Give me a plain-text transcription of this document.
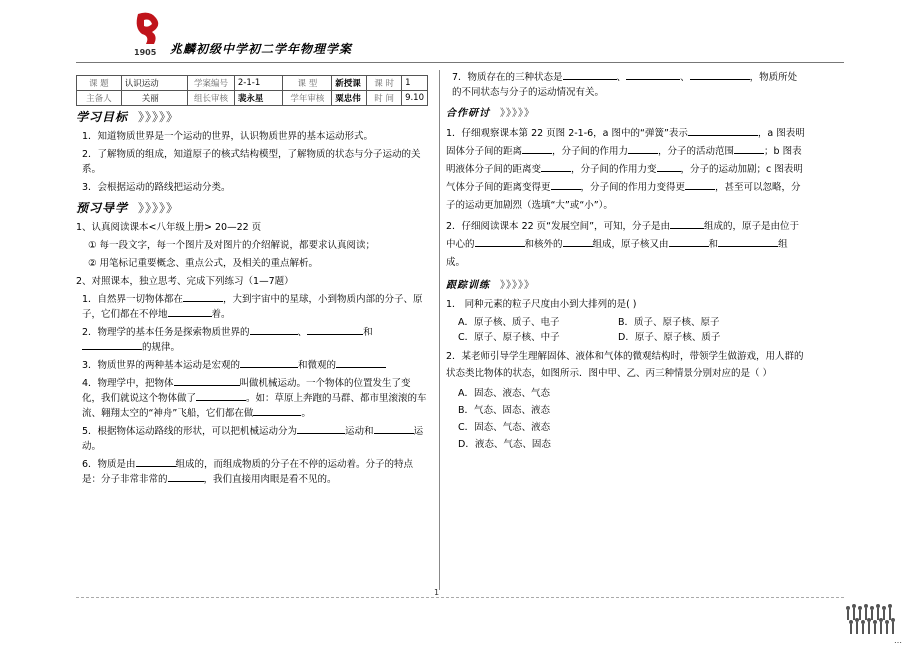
1905 兆麟初级中学初二学年物理学案
课 题	认识运动	学案编号	2-1-1	课 型	新授课	课 时	1
主备人	关丽	组长审核	裴永星	学年审核	粟忠伟	时 间	9.10
学习目标 》》》》》

1．知道物质世界是一个运动的世界，认识物质世界的基本运动形式。

2．了解物质的组成，知道原子的核式结构模型，了解物质的状态与分子运动的关系。

3．会根据运动的路线把运动分类。

预习导学 》》》》》

1、认真阅读课本<八年级上册> 20—22 页

① 每一段文字，每一个图片及对图片的介绍解说，都要求认真阅读；

② 用笔标记重要概念、重点公式，及相关的重点解析。

2、对照课本，独立思考、完成下列练习（1—7题）

1．自然界一切物体都在	，大到宇宙中的星球，小到物质内部的分子、原子，它们都在不停地	着。

2．物理学的基本任务是探索物质世界的	、	和的规律。

3．物质世界的两种基本运动是宏观的	和微观的

4．物理学中，把物体	叫做机械运动。一个物体的位置发生了变化，我们就说这个物体做了	。如：草原上奔跑的马群、都市里滚滚的车流、翱翔太空的“神舟”飞船，它们都在做	。

5．根据物体运动路线的形状，可以把机械运动分为	运动和	运动。

6．物质是由	组成的，而组成物质的分子在不停的运动着。分子的特点是：分子非常非常的	，我们直接用肉眼是看不见的。

7．物质存在的三种状态是	、	、	，物质所处的不同状态与分子的运动情况有关。

合作研讨 》》》》》

1．仔细观察课本第 22 页图 2-1-6，a 图中的“弹簧”表示	，a 图表明固体分子间的距离	，分子间的作用力	，分子的活动范围	；b 图表明液体分子间的距离变	，分子间的作用力变	，分子的运动加剧；c 图表明气体分子间的距离变得更	，分子间的作用力变得更	，甚至可以忽略，分子的运动更加剧烈（选填“大”或“小”）。

2．仔细阅读课本 22 页“发展空间”，可知，分子是由	组成的，原子是由位于中心的	和核外的	组成，原子核又由	和	组成。

跟踪训练 》》》》》

1． 同种元素的粒子尺度由小到大排列的是( )

A．原子核、质子、电子	B．质子、原子核、原子
C．原子、原子核、中子	D．原子、原子核、质子

2．某老师引导学生理解固体、液体和气体的微观结构时，带领学生做游戏，用人群的状态类比物体的状态，如图所示．图中甲、乙、丙三种情景分别对应的是（ ）

A．固态、液态、气态
B．气态、固态、液态
C．固态、气态、液态
D．液态、气态、固态
1
…
